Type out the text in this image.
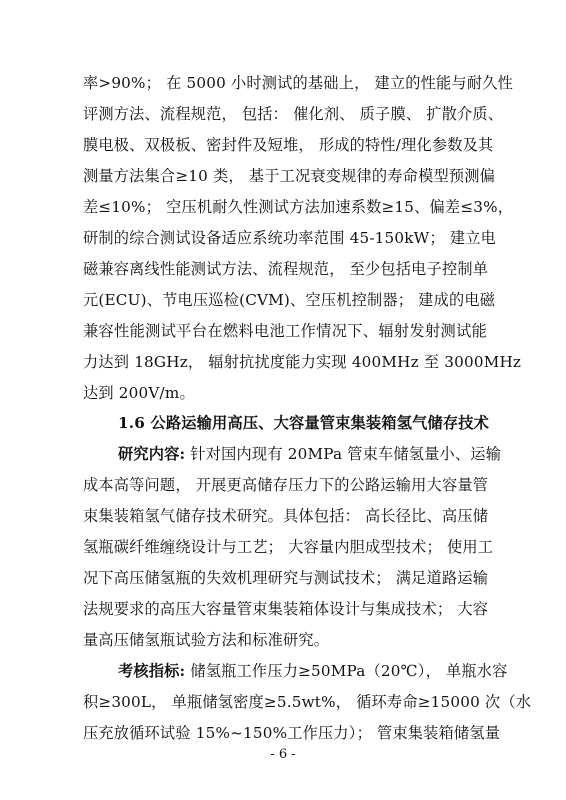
率>90%； 在 5000 小时测试的基础上， 建立的性能与耐久性
评测方法、流程规范， 包括： 催化剂、 质子膜、 扩散介质、
膜电极、双极板、密封件及短堆， 形成的特性/理化参数及其
测量方法集合≥10 类， 基于工况衰变规律的寿命模型预测偏
差≤10%； 空压机耐久性测试方法加速系数≥15、偏差≤3%，
研制的综合测试设备适应系统功率范围 45-150kW； 建立电
磁兼容离线性能测试方法、流程规范， 至少包括电子控制单
元(ECU)、节电压巡检(CVM)、空压机控制器； 建成的电磁
兼容性能测试平台在燃料电池工作情况下、辐射发射测试能
力达到 18GHz， 辐射抗扰度能力实现 400MHz 至 3000MHz
达到 200V/m。
1.6 公路运输用高压、大容量管束集装箱氢气储存技术
研究内容: 针对国内现有 20MPa 管束车储氢量小、运输
成本高等问题， 开展更高储存压力下的公路运输用大容量管
束集装箱氢气储存技术研究。具体包括： 高长径比、高压储
氢瓶碳纤维缠绕设计与工艺； 大容量内胆成型技术； 使用工
况下高压储氢瓶的失效机理研究与测试技术； 满足道路运输
法规要求的高压大容量管束集装箱体设计与集成技术； 大容
量高压储氢瓶试验方法和标准研究。
考核指标: 储氢瓶工作压力≥50MPa（20℃）， 单瓶水容
积≥300L， 单瓶储氢密度≥5.5wt%， 循环寿命≥15000 次（水
压充放循环试验 15%~150%工作压力）； 管束集装箱储氢量
- 6 -
